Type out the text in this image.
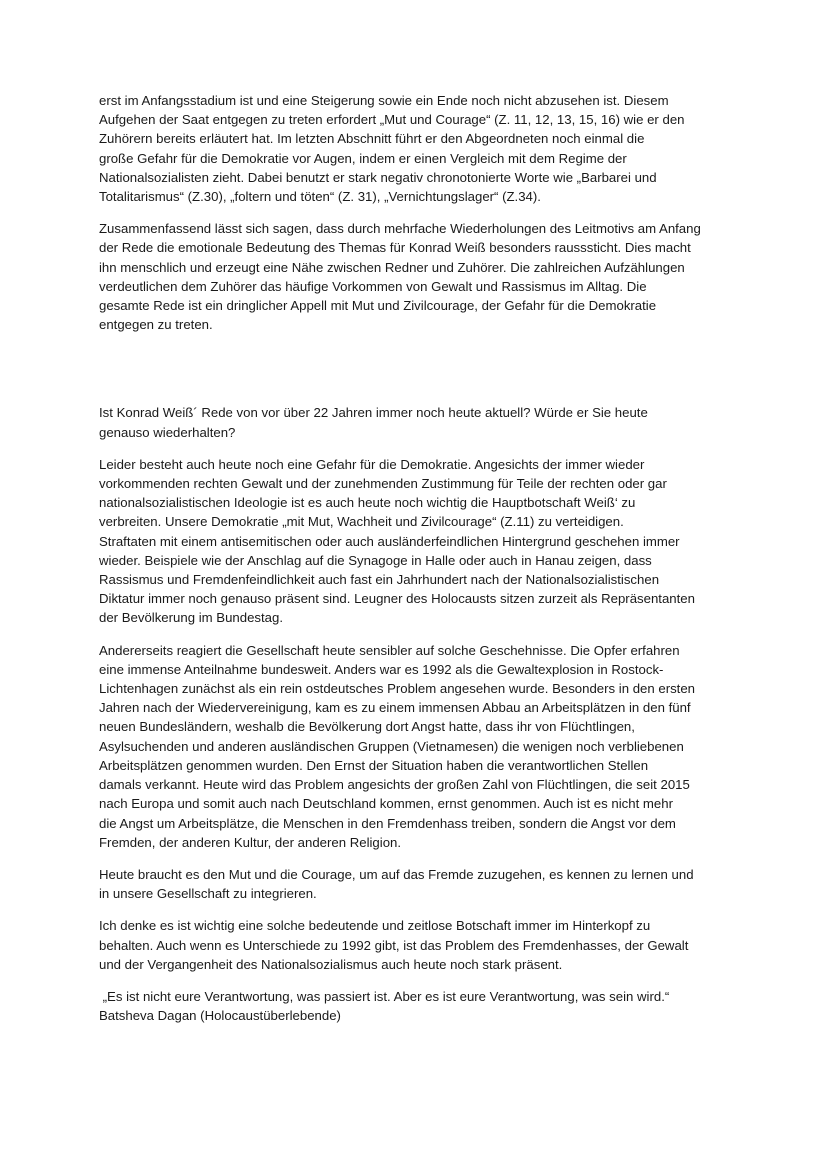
erst im Anfangsstadium ist und eine Steigerung sowie ein Ende noch nicht abzusehen ist. Diesem
Aufgehen der Saat entgegen zu treten erfordert „Mut und Courage“ (Z. 11, 12, 13, 15, 16) wie er den
Zuhörern bereits erläutert hat. Im letzten Abschnitt führt er den Abgeordneten noch einmal die
große Gefahr für die Demokratie vor Augen, indem er einen Vergleich mit dem Regime der
Nationalsozialisten zieht. Dabei benutzt er stark negativ chronotonierte Worte wie „Barbarei und
Totalitarismus“ (Z.30), „foltern und töten“ (Z. 31), „Vernichtungslager“ (Z.34).

Zusammenfassend lässt sich sagen, dass durch mehrfache Wiederholungen des Leitmotivs am Anfang
der Rede die emotionale Bedeutung des Themas für Konrad Weiß besonders rausssticht. Dies macht
ihn menschlich und erzeugt eine Nähe zwischen Redner und Zuhörer. Die zahlreichen Aufzählungen
verdeutlichen dem Zuhörer das häufige Vorkommen von Gewalt und Rassismus im Alltag. Die
gesamte Rede ist ein dringlicher Appell mit Mut und Zivilcourage, der Gefahr für die Demokratie
entgegen zu treten.

Ist Konrad Weiß´ Rede von vor über 22 Jahren immer noch heute aktuell? Würde er Sie heute
genauso wiederhalten?

Leider besteht auch heute noch eine Gefahr für die Demokratie. Angesichts der immer wieder
vorkommenden rechten Gewalt und der zunehmenden Zustimmung für Teile der rechten oder gar
nationalsozialistischen Ideologie ist es auch heute noch wichtig die Hauptbotschaft Weiß‘ zu
verbreiten. Unsere Demokratie „mit Mut, Wachheit und Zivilcourage“ (Z.11) zu verteidigen.
Straftaten mit einem antisemitischen oder auch ausländerfeindlichen Hintergrund geschehen immer
wieder. Beispiele wie der Anschlag auf die Synagoge in Halle oder auch in Hanau zeigen, dass
Rassismus und Fremdenfeindlichkeit auch fast ein Jahrhundert nach der Nationalsozialistischen
Diktatur immer noch genauso präsent sind. Leugner des Holocausts sitzen zurzeit als Repräsentanten
der Bevölkerung im Bundestag.

Andererseits reagiert die Gesellschaft heute sensibler auf solche Geschehnisse. Die Opfer erfahren
eine immense Anteilnahme bundesweit. Anders war es 1992 als die Gewaltexplosion in Rostock-
Lichtenhagen zunächst als ein rein ostdeutsches Problem angesehen wurde. Besonders in den ersten
Jahren nach der Wiedervereinigung, kam es zu einem immensen Abbau an Arbeitsplätzen in den fünf
neuen Bundesländern, weshalb die Bevölkerung dort Angst hatte, dass ihr von Flüchtlingen,
Asylsuchenden und anderen ausländischen Gruppen (Vietnamesen) die wenigen noch verbliebenen
Arbeitsplätzen genommen wurden. Den Ernst der Situation haben die verantwortlichen Stellen
damals verkannt. Heute wird das Problem angesichts der großen Zahl von Flüchtlingen, die seit 2015
nach Europa und somit auch nach Deutschland kommen, ernst genommen. Auch ist es nicht mehr
die Angst um Arbeitsplätze, die Menschen in den Fremdenhass treiben, sondern die Angst vor dem
Fremden, der anderen Kultur, der anderen Religion.

Heute braucht es den Mut und die Courage, um auf das Fremde zuzugehen, es kennen zu lernen und
in unsere Gesellschaft zu integrieren.

Ich denke es ist wichtig eine solche bedeutende und zeitlose Botschaft immer im Hinterkopf zu
behalten. Auch wenn es Unterschiede zu 1992 gibt, ist das Problem des Fremdenhasses, der Gewalt
und der Vergangenheit des Nationalsozialismus auch heute noch stark präsent.

„Es ist nicht eure Verantwortung, was passiert ist. Aber es ist eure Verantwortung, was sein wird.“
Batsheva Dagan (Holocaustüberlebende)
